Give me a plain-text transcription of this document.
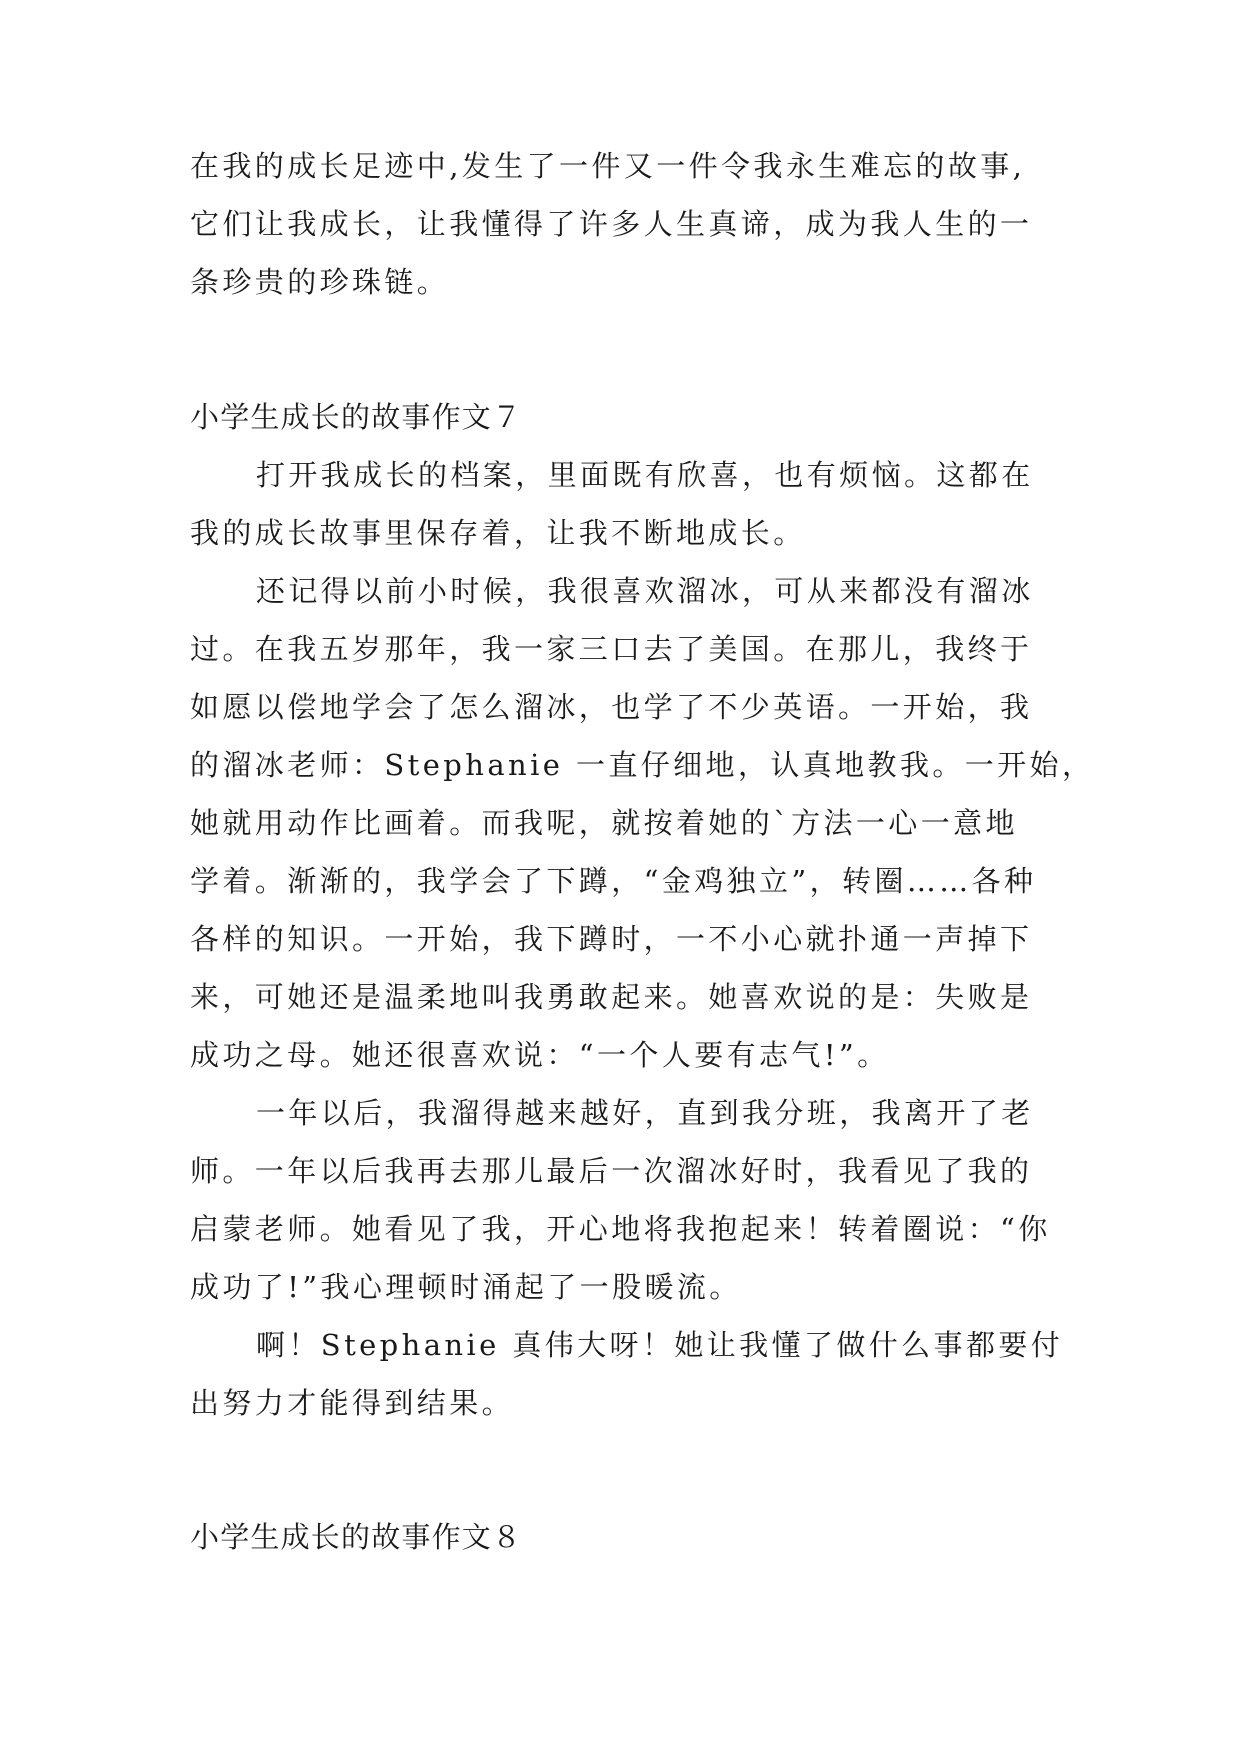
在我的成长足迹中,发生了一件又一件令我永生难忘的故事,
它们让我成长，让我懂得了许多人生真谛，成为我人生的一
条珍贵的珍珠链。
小学生成长的故事作文７
打开我成长的档案，里面既有欣喜，也有烦恼。这都在
我的成长故事里保存着，让我不断地成长。
还记得以前小时候，我很喜欢溜冰，可从来都没有溜冰
过。在我五岁那年，我一家三口去了美国。在那儿，我终于
如愿以偿地学会了怎么溜冰，也学了不少英语。一开始，我
的溜冰老师：Stephanie 一直仔细地，认真地教我。一开始，
她就用动作比画着。而我呢，就按着她的`方法一心一意地
学着。渐渐的，我学会了下蹲，“金鸡独立”，转圈……各种
各样的知识。一开始，我下蹲时，一不小心就扑通一声掉下
来，可她还是温柔地叫我勇敢起来。她喜欢说的是：失败是
成功之母。她还很喜欢说：“一个人要有志气!”。
一年以后，我溜得越来越好，直到我分班，我离开了老
师。一年以后我再去那儿最后一次溜冰好时，我看见了我的
启蒙老师。她看见了我，开心地将我抱起来！转着圈说：“你
成功了!”我心理顿时涌起了一股暖流。
啊！Stephanie 真伟大呀！她让我懂了做什么事都要付
出努力才能得到结果。
小学生成长的故事作文８
